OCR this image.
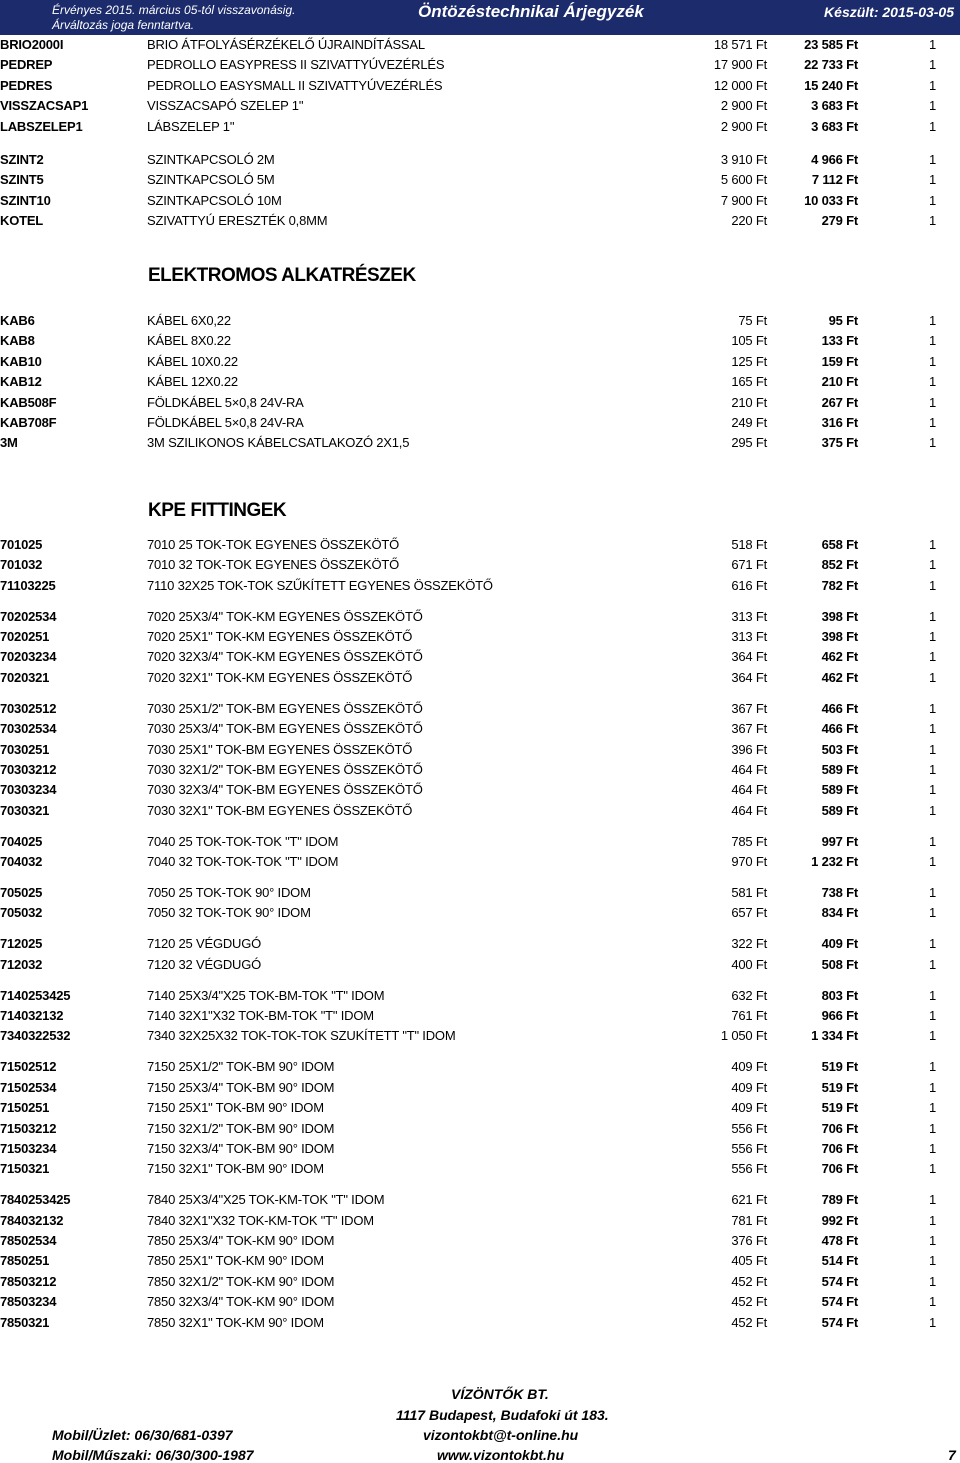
Érvényes 2015. március 05-tól visszavonásig.
Árváltozás joga fenntartva.
Öntözéstechnikai Árjegyzék	Készült: 2015-03-05
BRIO2000I	BRIO ÁTFOLYÁSÉRZÉKELŐ ÚJRAINDÍTÁSSAL	18 571 Ft	23 585 Ft	1
PEDREP	PEDROLLO EASYPRESS II SZIVATTYÚVEZÉRLÉS	17 900 Ft	22 733 Ft	1
PEDRES	PEDROLLO EASYSMALL II SZIVATTYÚVEZÉRLÉS	12 000 Ft	15 240 Ft	1
VISSZACSAP1	VISSZACSAPÓ SZELEP 1"	2 900 Ft	3 683 Ft	1
LABSZELEP1	LÁBSZELEP 1"	2 900 Ft	3 683 Ft	1
SZINT2	SZINTKAPCSOLÓ 2M	3 910 Ft	4 966 Ft	1
SZINT5	SZINTKAPCSOLÓ 5M	5 600 Ft	7 112 Ft	1
SZINT10	SZINTKAPCSOLÓ 10M	7 900 Ft	10 033 Ft	1
KOTEL	SZIVATTYÚ ERESZTÉK 0,8MM	220 Ft	279 Ft	1
ELEKTROMOS ALKATRÉSZEK
KAB6	KÁBEL 6X0,22	75 Ft	95 Ft	1
KAB8	KÁBEL 8X0.22	105 Ft	133 Ft	1
KAB10	KÁBEL 10X0.22	125 Ft	159 Ft	1
KAB12	KÁBEL 12X0.22	165 Ft	210 Ft	1
KAB508F	FÖLDKÁBEL 5×0,8 24V-RA	210 Ft	267 Ft	1
KAB708F	FÖLDKÁBEL 5×0,8 24V-RA	249 Ft	316 Ft	1
3M	3M SZILIKONOS KÁBELCSATLAKOZÓ 2X1,5	295 Ft	375 Ft	1
KPE FITTINGEK
701025	7010 25 TOK-TOK EGYENES ÖSSZEKÖTŐ	518 Ft	658 Ft	1
701032	7010 32 TOK-TOK EGYENES ÖSSZEKÖTŐ	671 Ft	852 Ft	1
71103225	7110 32X25 TOK-TOK SZŰKÍTETT EGYENES ÖSSZEKÖTŐ	616 Ft	782 Ft	1
70202534	7020 25X3/4" TOK-KM EGYENES ÖSSZEKÖTŐ	313 Ft	398 Ft	1
7020251	7020 25X1" TOK-KM EGYENES ÖSSZEKÖTŐ	313 Ft	398 Ft	1
70203234	7020 32X3/4" TOK-KM EGYENES ÖSSZEKÖTŐ	364 Ft	462 Ft	1
7020321	7020 32X1" TOK-KM EGYENES ÖSSZEKÖTŐ	364 Ft	462 Ft	1
70302512	7030 25X1/2" TOK-BM EGYENES ÖSSZEKÖTŐ	367 Ft	466 Ft	1
70302534	7030 25X3/4" TOK-BM EGYENES ÖSSZEKÖTŐ	367 Ft	466 Ft	1
7030251	7030 25X1" TOK-BM EGYENES ÖSSZEKÖTŐ	396 Ft	503 Ft	1
70303212	7030 32X1/2" TOK-BM EGYENES ÖSSZEKÖTŐ	464 Ft	589 Ft	1
70303234	7030 32X3/4" TOK-BM EGYENES ÖSSZEKÖTŐ	464 Ft	589 Ft	1
7030321	7030 32X1" TOK-BM EGYENES ÖSSZEKÖTŐ	464 Ft	589 Ft	1
704025	7040 25 TOK-TOK-TOK "T" IDOM	785 Ft	997 Ft	1
704032	7040 32 TOK-TOK-TOK "T" IDOM	970 Ft	1 232 Ft	1
705025	7050 25 TOK-TOK 90° IDOM	581 Ft	738 Ft	1
705032	7050 32 TOK-TOK 90° IDOM	657 Ft	834 Ft	1
712025	7120 25 VÉGDUGÓ	322 Ft	409 Ft	1
712032	7120 32 VÉGDUGÓ	400 Ft	508 Ft	1
7140253425	7140 25X3/4"X25 TOK-BM-TOK "T" IDOM	632 Ft	803 Ft	1
714032132	7140 32X1"X32 TOK-BM-TOK "T" IDOM	761 Ft	966 Ft	1
7340322532	7340 32X25X32 TOK-TOK-TOK SZUKÍTETT "T" IDOM	1 050 Ft	1 334 Ft	1
71502512	7150 25X1/2" TOK-BM 90° IDOM	409 Ft	519 Ft	1
71502534	7150 25X3/4" TOK-BM 90° IDOM	409 Ft	519 Ft	1
7150251	7150 25X1" TOK-BM 90° IDOM	409 Ft	519 Ft	1
71503212	7150 32X1/2" TOK-BM 90° IDOM	556 Ft	706 Ft	1
71503234	7150 32X3/4" TOK-BM 90° IDOM	556 Ft	706 Ft	1
7150321	7150 32X1" TOK-BM 90° IDOM	556 Ft	706 Ft	1
7840253425	7840 25X3/4"X25 TOK-KM-TOK "T" IDOM	621 Ft	789 Ft	1
784032132	7840 32X1"X32 TOK-KM-TOK "T" IDOM	781 Ft	992 Ft	1
78502534	7850 25X3/4" TOK-KM 90° IDOM	376 Ft	478 Ft	1
7850251	7850 25X1" TOK-KM 90° IDOM	405 Ft	514 Ft	1
78503212	7850 32X1/2" TOK-KM 90° IDOM	452 Ft	574 Ft	1
78503234	7850 32X3/4" TOK-KM 90° IDOM	452 Ft	574 Ft	1
7850321	7850 32X1" TOK-KM 90° IDOM	452 Ft	574 Ft	1
VÍZÖNTŐK BT.
1117 Budapest, Budafoki út 183.
Mobil/Üzlet: 06/30/681-0397	vizontokbt@t-online.hu
Mobil/Műszaki: 06/30/300-1987	www.vizontokbt.hu	7
